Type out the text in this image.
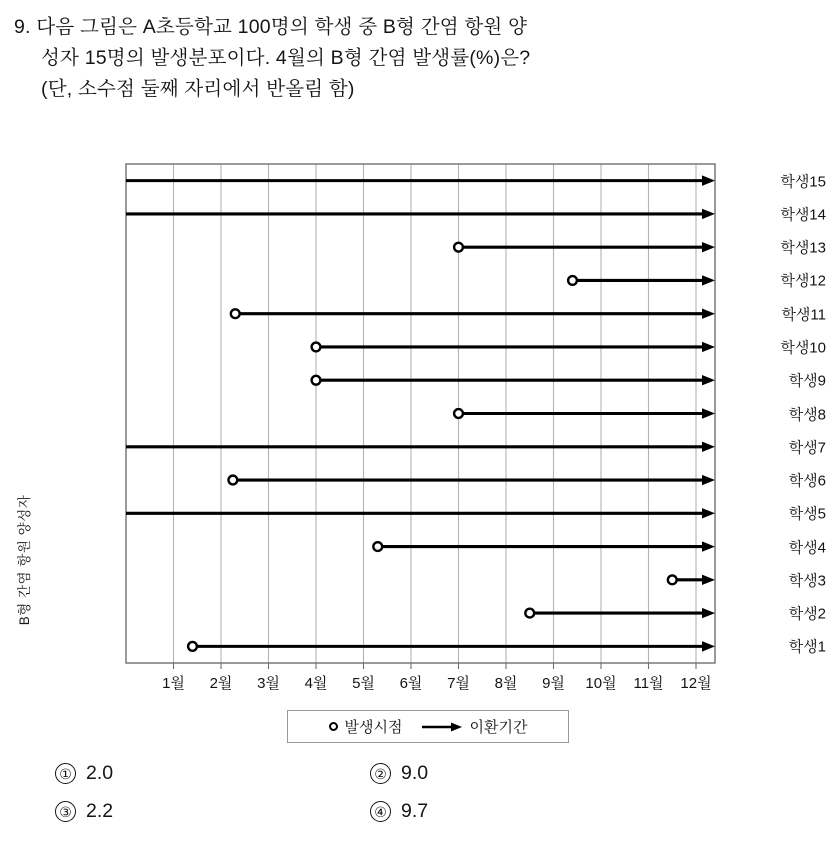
9. 다음 그림은 A초등학교 100명의 학생 중 B형 간염 항원 양
성자 15명의 발생분포이다. 4월의 B형 간염 발생률(%)은?
(단, 소수점 둘째 자리에서 반올림 함)
B형 간염 항원 양성자
1월 2월 3월 4월 5월 6월 7월 8월 9월 10월 11월 12월
학생15
학생14
학생13
학생12
학생11
학생10
학생9
학생8
학생7
학생6
학생5
학생4
학생3
학생2
학생1
발생시점	이환기간
① 2.0	② 9.0
③ 2.2	④ 9.7
